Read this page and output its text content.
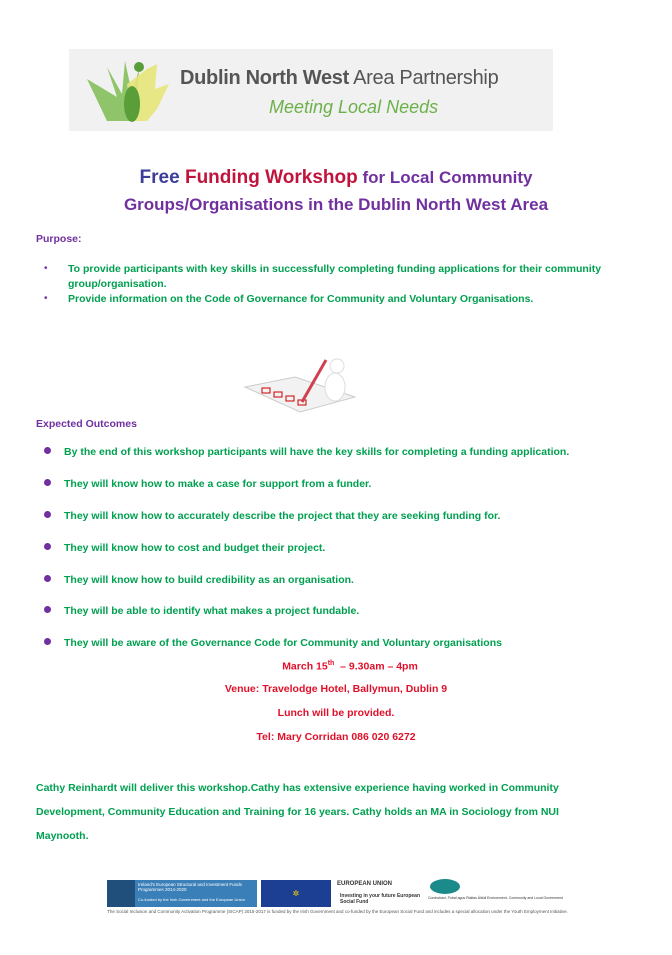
Dublin North West Area Partnership
Meeting Local Needs
Free Funding Workshop for Local Community
Groups/Organisations in the Dublin North West Area
Purpose:
• To provide participants with key skills in successfully completing funding applications for their community group/organisation.
• Provide information on the Code of Governance for Community and Voluntary Organisations.
Expected Outcomes
By the end of this workshop participants will have the key skills for completing a funding application.
They will know how to make a case for support from a funder.
They will know how to accurately describe the project that they are seeking funding for.
They will know how to cost and budget their project.
They will know how to build credibility as an organisation.
They will be able to identify what makes a project fundable.
They will be aware of the Governance Code for Community and Voluntary organisations
March 15th  – 9.30am – 4pm
Venue: Travelodge Hotel, Ballymun, Dublin 9
Lunch will be provided.
Tel: Mary Corridan 086 020 6272
Cathy Reinhardt will deliver this workshop.Cathy has extensive experience having worked in Community Development, Community Education and Training for 16 years. Cathy holds an MA in Sociology from NUI Maynooth.
Ireland's European Structural and Investment Funds Programmes 2014-2020
Co-funded by the Irish Government and the European Union
✲
EUROPEAN UNION
Investing in your future European Social Fund
Comhshaol, Pobal agus Rialtas Áitiúil Environment, Community and Local Government
The Social Inclusion and Community Activation Programme (SICAP) 2015-2017 is funded by the Irish Government and co-funded by the European Social Fund and includes a special allocation under the Youth Employment Initiative.
